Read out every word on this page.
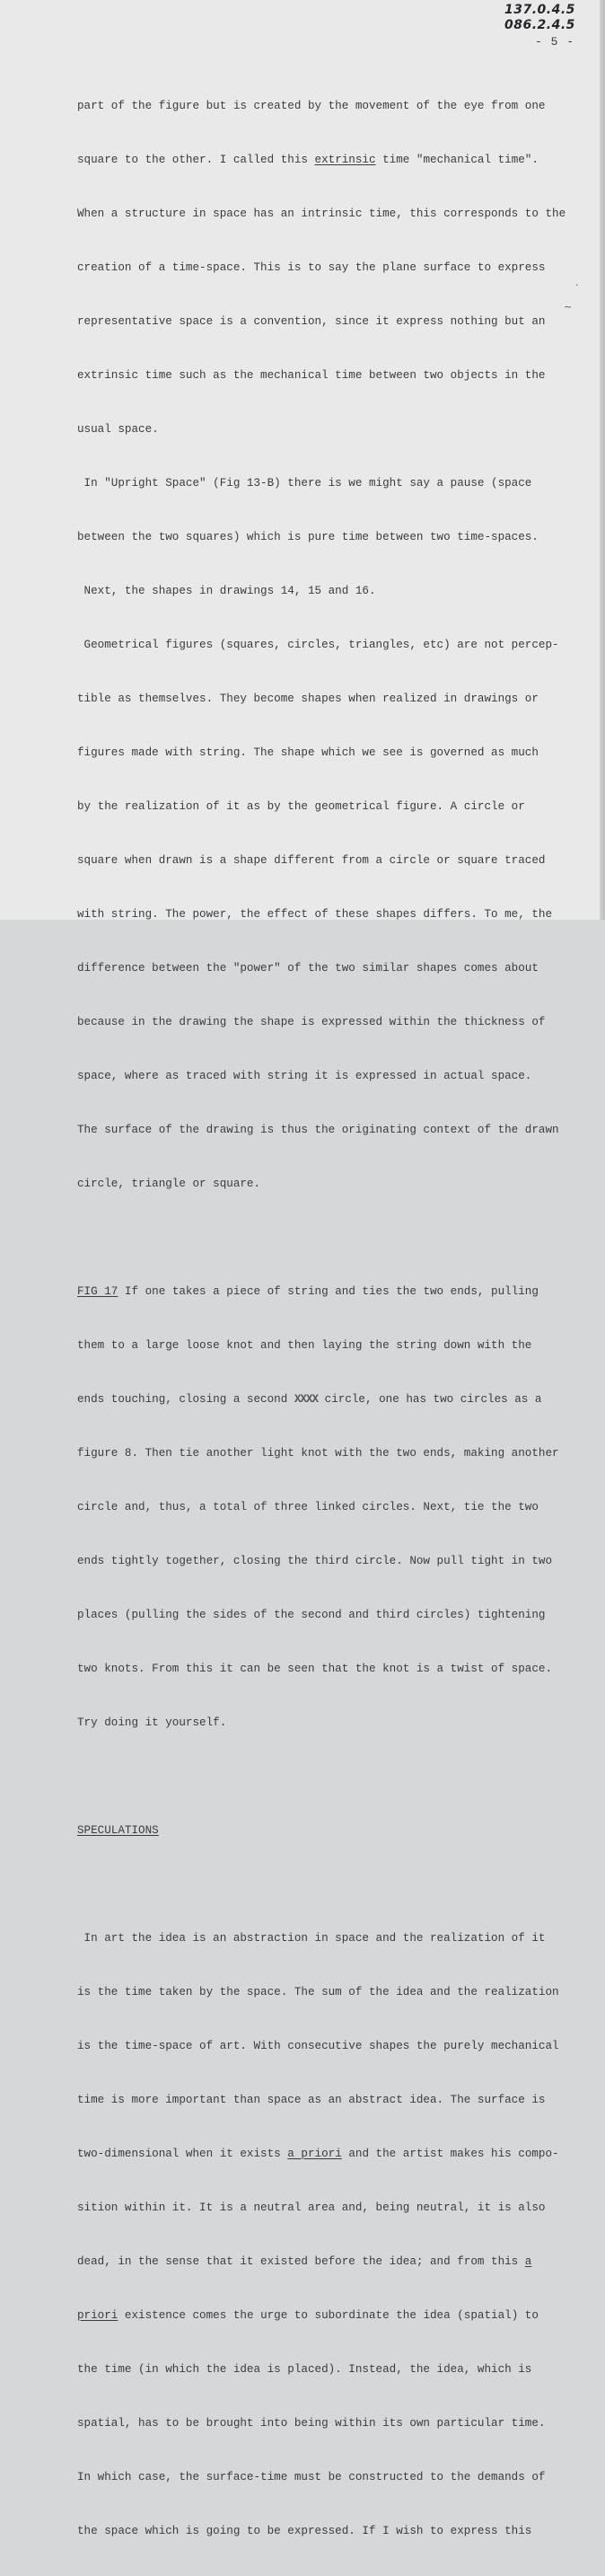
137.0.4.5
086.2.4.5
- 5 -
·
~

part of the figure but is created by the movement of the eye from one

square to the other. I called this extrinsic time "mechanical time".

When a structure in space has an intrinsic time, this corresponds to the

creation of a time-space. This is to say the plane surface to express

representative space is a convention, since it express nothing but an

extrinsic time such as the mechanical time between two objects in the

usual space.

In "Upright Space" (Fig 13-B) there is we might say a pause (space

between the two squares) which is pure time between two time-spaces.

Next, the shapes in drawings 14, 15 and 16.

Geometrical figures (squares, circles, triangles, etc) are not percep-

tible as themselves. They become shapes when realized in drawings or

figures made with string. The shape which we see is governed as much

by the realization of it as by the geometrical figure. A circle or

square when drawn is a shape different from a circle or square traced

with string. The power, the effect of these shapes differs. To me, the

difference between the "power" of the two similar shapes comes about

because in the drawing the shape is expressed within the thickness of

space, where as traced with string it is expressed in actual space.

The surface of the drawing is thus the originating context of the drawn

circle, triangle or square.

FIG 17 If one takes a piece of string and ties the two ends, pulling

them to a large loose knot and then laying the string down with the

ends touching, closing a second XXXX circle, one has two circles as a

figure 8. Then tie another light knot with the two ends, making another

circle and, thus, a total of three linked circles. Next, tie the two

ends tightly together, closing the third circle. Now pull tight in two

places (pulling the sides of the second and third circles) tightening

two knots. From this it can be seen that the knot is a twist of space.

Try doing it yourself.

SPECULATIONS

In art the idea is an abstraction in space and the realization of it

is the time taken by the space. The sum of the idea and the realization

is the time-space of art. With consecutive shapes the purely mechanical

time is more important than space as an abstract idea. The surface is

two-dimensional when it exists a priori and the artist makes his compo-

sition within it. It is a neutral area and, being neutral, it is also

dead, in the sense that it existed before the idea; and from this a

priori existence comes the urge to subordinate the idea (spatial) to

the time (in which the idea is placed). Instead, the idea, which is

spatial, has to be brought into being within its own particular time.

In which case, the surface-time must be constructed to the demands of

the space which is going to be expressed. If I wish to express this
